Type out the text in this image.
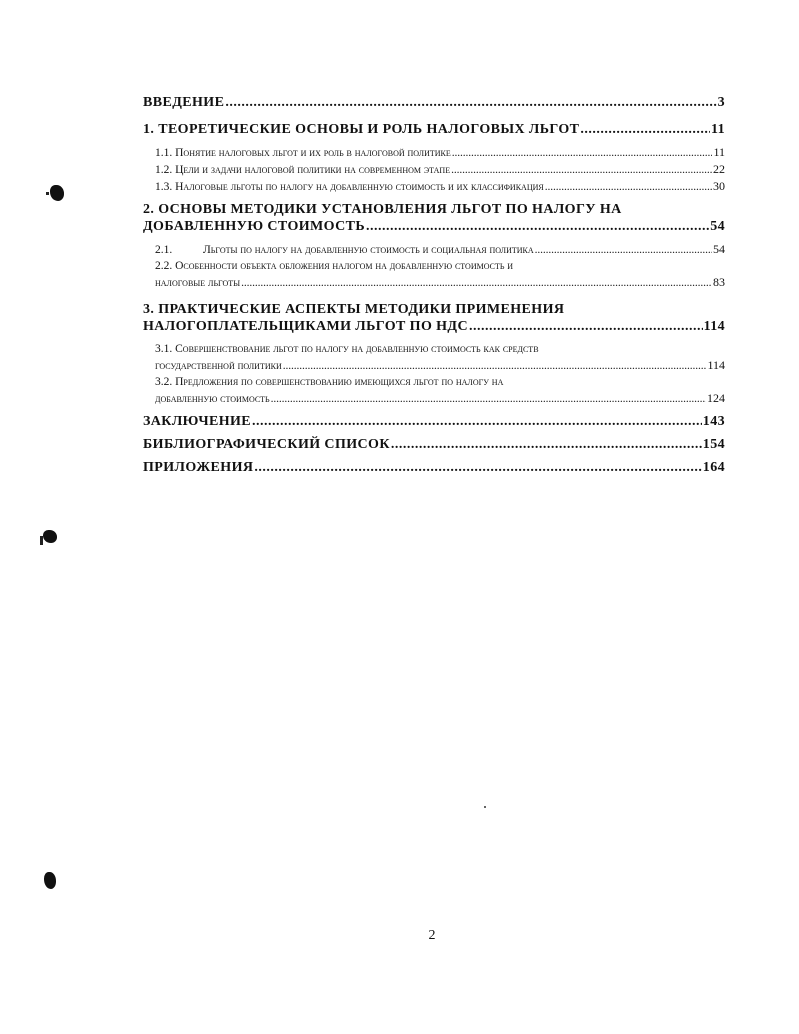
ВВЕДЕНИЕ . . .	3
1. ТЕОРЕТИЧЕСКИЕ ОСНОВЫ И РОЛЬ НАЛОГОВЫХ ЛЬГОТ . . .	11
1.1. Понятие налоговых льгот и их роль в налоговой политике . . .	11
1.2. Цели и задачи налоговой политики на современном этапе . . .	22
1.3. Налоговые льготы по налогу на добавленную стоимость и их классификация . . .	30
2. ОСНОВЫ МЕТОДИКИ УСТАНОВЛЕНИЯ ЛЬГОТ ПО НАЛОГУ НА
ДОБАВЛЕННУЮ СТОИМОСТЬ . . .	54
2.1.	Льготы по налогу на добавленную стоимость и социальная политика . . .	54
2.2. Особенности объекта обложения налогом на добавленную стоимость и
налоговые льготы . . .	83
3. ПРАКТИЧЕСКИЕ АСПЕКТЫ МЕТОДИКИ ПРИМЕНЕНИЯ
НАЛОГОПЛАТЕЛЬЩИКАМИ ЛЬГОТ ПО НДС . . .	114
3.1. Совершенствование льгот по налогу на добавленную стоимость как средств
государственной политики . . .	114
3.2. Предложения по совершенствованию имеющихся льгот по налогу на
добавленную стоимость . . .	124
ЗАКЛЮЧЕНИЕ . . .	143
БИБЛИОГРАФИЧЕСКИЙ СПИСОК . . .	154
ПРИЛОЖЕНИЯ . . .	164
2
